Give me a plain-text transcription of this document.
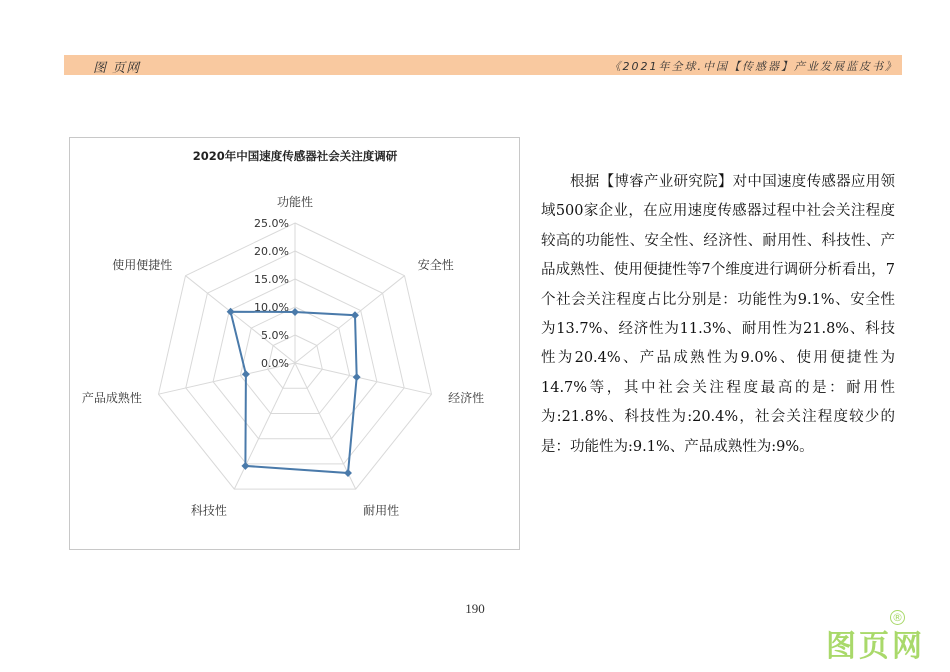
图 页网	《2021年全球.中国【传感器】产业发展蓝皮书》
2020年中国速度传感器社会关注度调研
0.0%
5.0%
10.0%
15.0%
20.0%
25.0%
功能性
安全性
经济性
耐用性
科技性
产品成熟性
使用便捷性

根据【博睿产业研究院】对中国速度传感器应用领域500家企业，在应用速度传感器过程中社会关注程度较高的功能性、安全性、经济性、耐用性、科技性、产品成熟性、使用便捷性等7个维度进行调研分析看出，7个社会关注程度占比分别是：功能性为9.1%、安全性为13.7%、经济性为11.3%、耐用性为21.8%、科技性为20.4%、产品成熟性为9.0%、使用便捷性为14.7%等，其中社会关注程度最高的是：耐用性为:21.8%、科技性为:20.4%，社会关注程度较少的是：功能性为:9.1%、产品成熟性为:9%。

190
图页网
®
